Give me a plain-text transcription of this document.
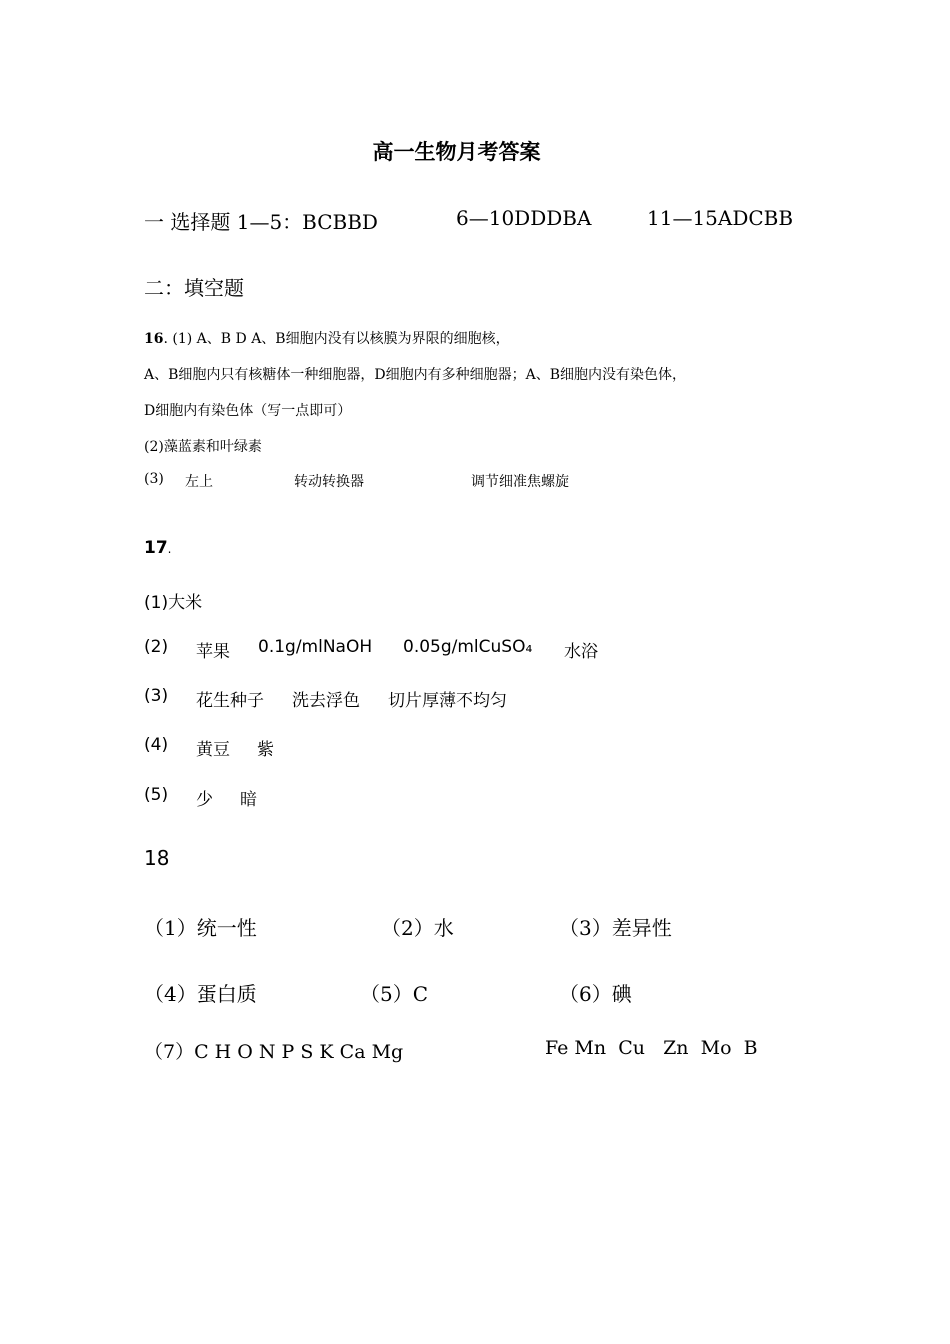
高一生物月考答案
一 选择题 1—5：BCBBD	6—10DDDBA	11—15ADCBB
二：填空题
16. (1) A、B D A、B细胞内没有以核膜为界限的细胞核，
A、B细胞内只有核糖体一种细胞器，D细胞内有多种细胞器；A、B细胞内没有染色体，
D细胞内有染色体（写一点即可）
(2)藻蓝素和叶绿素
(3) 左上	转动转换器	调节细准焦螺旋
17.
(1)大米
(2) 苹果 0.1g/mlNaOH 0.05g/mlCuSO₄ 水浴
(3) 花生种子 洗去浮色 切片厚薄不均匀
(4) 黄豆 紫
(5) 少 暗
18
（1）统一性	（2）水	（3）差异性
（4）蛋白质	（5）C	（6）碘
（7）C H O N P S K Ca Mg	Fe Mn  Cu   Zn  Mo  B
